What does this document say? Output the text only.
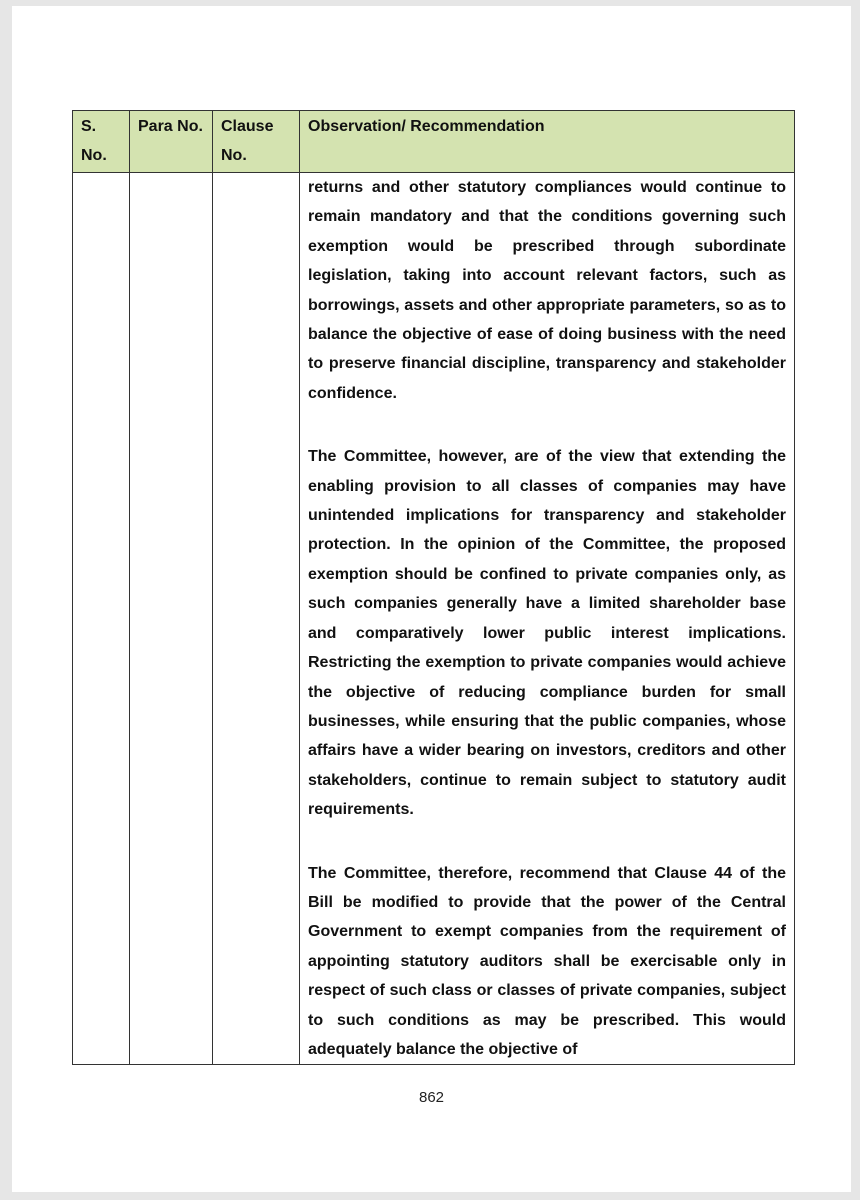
S. No.	Para No.	Clause No.	Observation/ Recommendation

			returns and other statutory compliances would continue to remain mandatory and that the conditions governing such exemption would be prescribed through subordinate legislation, taking into account relevant factors, such as borrowings, assets and other appropriate parameters, so as to balance the objective of ease of doing business with the need to preserve financial discipline, transparency and stakeholder confidence.

The Committee, however, are of the view that extending the enabling provision to all classes of companies may have unintended implications for transparency and stakeholder protection. In the opinion of the Committee, the proposed exemption should be confined to private companies only, as such companies generally have a limited shareholder base and comparatively lower public interest implications. Restricting the exemption to private companies would achieve the objective of reducing compliance burden for small businesses, while ensuring that the public companies, whose affairs have a wider bearing on investors, creditors and other stakeholders, continue to remain subject to statutory audit requirements.

The Committee, therefore, recommend that Clause 44 of the Bill be modified to provide that the power of the Central Government to exempt companies from the requirement of appointing statutory auditors shall be exercisable only in respect of such class or classes of private companies, subject to such conditions as may be prescribed. This would adequately balance the objective of

862
